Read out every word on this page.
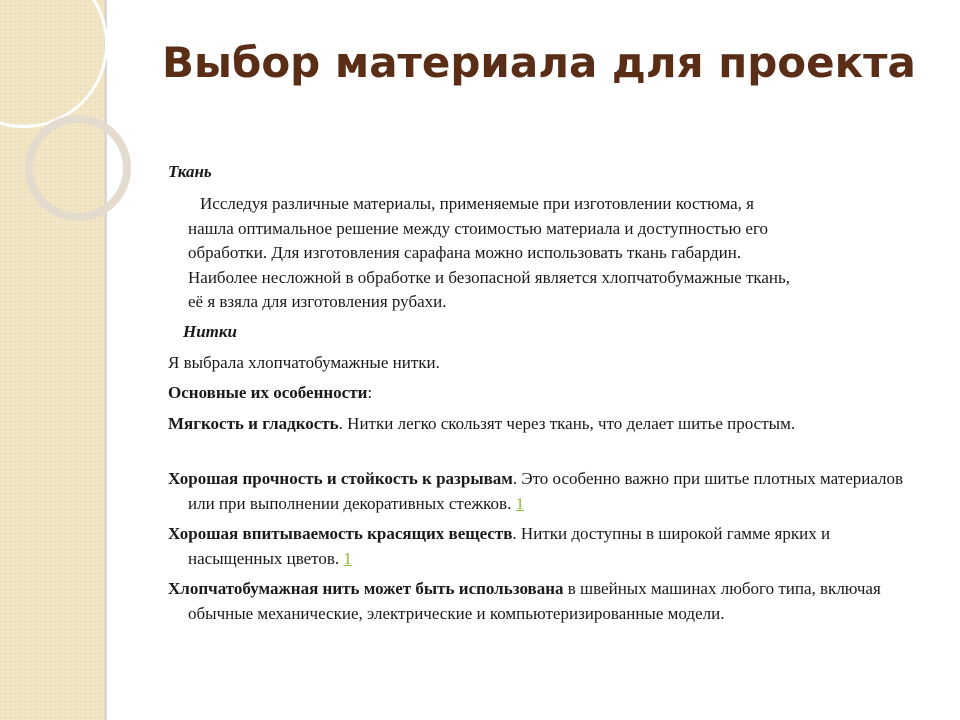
Выбор материала для проекта
Ткань
Исследуя различные материалы, применяемые при изготовлении костюма, я
нашла оптимальное решение между стоимостью материала и доступностью его
обработки. Для изготовления сарафана можно использовать ткань габардин.
Наиболее несложной в обработке и безопасной является хлопчатобумажные ткань,
её я взяла для изготовления рубахи.
Нитки
Я выбрала хлопчатобумажные нитки.
Основные их особенности:
Мягкость и гладкость. Нитки легко скользят через ткань, что делает шитье простым.
Хорошая прочность и стойкость к разрывам. Это особенно важно при шитье плотных материалов или при выполнении декоративных стежков. 1
Хорошая впитываемость красящих веществ. Нитки доступны в широкой гамме ярких и насыщенных цветов. 1
Хлопчатобумажная нить может быть использована в швейных машинах любого типа, включая обычные механические, электрические и компьютеризированные модели.
